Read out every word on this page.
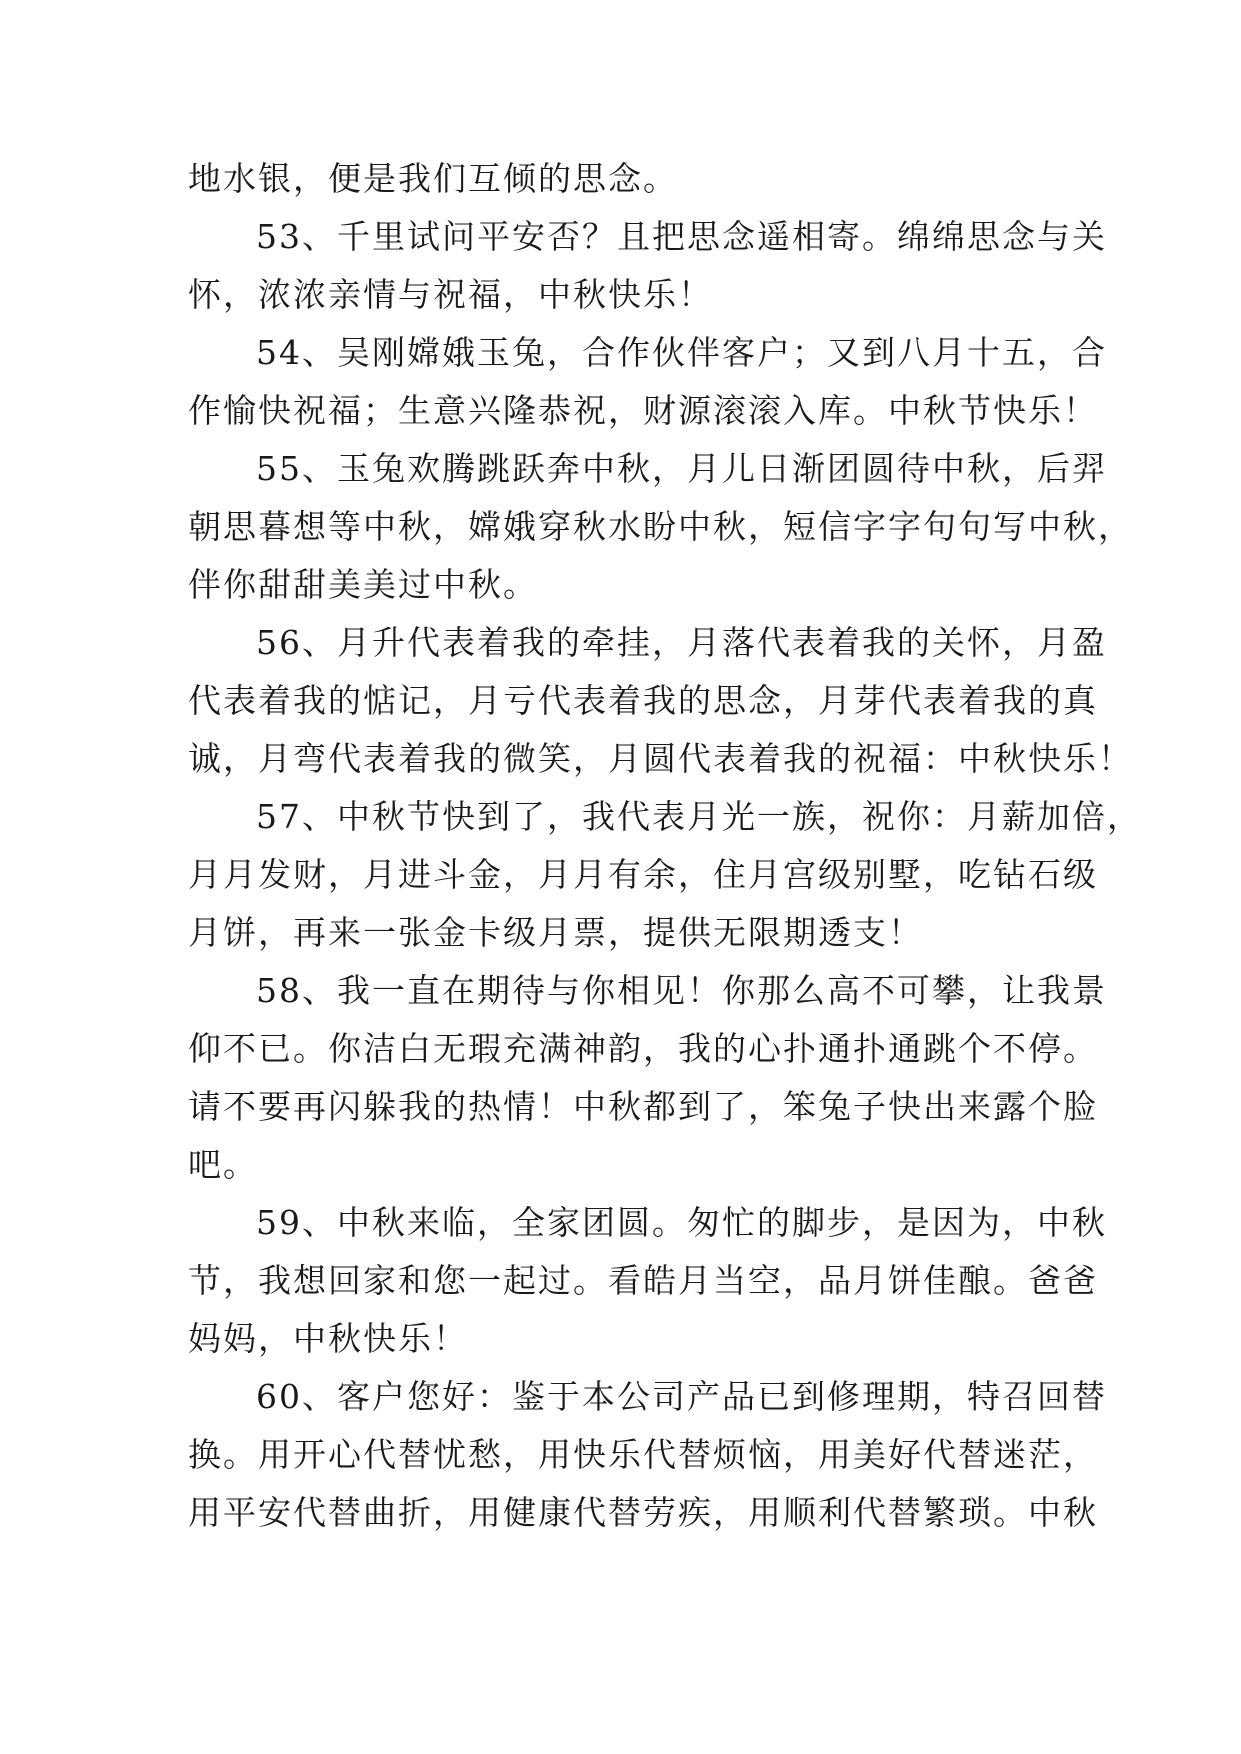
地水银，便是我们互倾的思念。
53、千里试问平安否？且把思念遥相寄。绵绵思念与关
怀，浓浓亲情与祝福，中秋快乐！
54、吴刚嫦娥玉兔，合作伙伴客户；又到八月十五，合
作愉快祝福；生意兴隆恭祝，财源滚滚入库。中秋节快乐！
55、玉兔欢腾跳跃奔中秋，月儿日渐团圆待中秋，后羿
朝思暮想等中秋，嫦娥穿秋水盼中秋，短信字字句句写中秋，
伴你甜甜美美过中秋。
56、月升代表着我的牵挂，月落代表着我的关怀，月盈
代表着我的惦记，月亏代表着我的思念，月芽代表着我的真
诚，月弯代表着我的微笑，月圆代表着我的祝福：中秋快乐！
57、中秋节快到了，我代表月光一族，祝你：月薪加倍，
月月发财，月进斗金，月月有余，住月宫级别墅，吃钻石级
月饼，再来一张金卡级月票，提供无限期透支！
58、我一直在期待与你相见！你那么高不可攀，让我景
仰不已。你洁白无瑕充满神韵，我的心扑通扑通跳个不停。
请不要再闪躲我的热情！中秋都到了，笨兔子快出来露个脸
吧。
59、中秋来临，全家团圆。匆忙的脚步，是因为，中秋
节，我想回家和您一起过。看皓月当空，品月饼佳酿。爸爸
妈妈，中秋快乐！
60、客户您好：鉴于本公司产品已到修理期，特召回替
换。用开心代替忧愁，用快乐代替烦恼，用美好代替迷茫，
用平安代替曲折，用健康代替劳疾，用顺利代替繁琐。中秋
